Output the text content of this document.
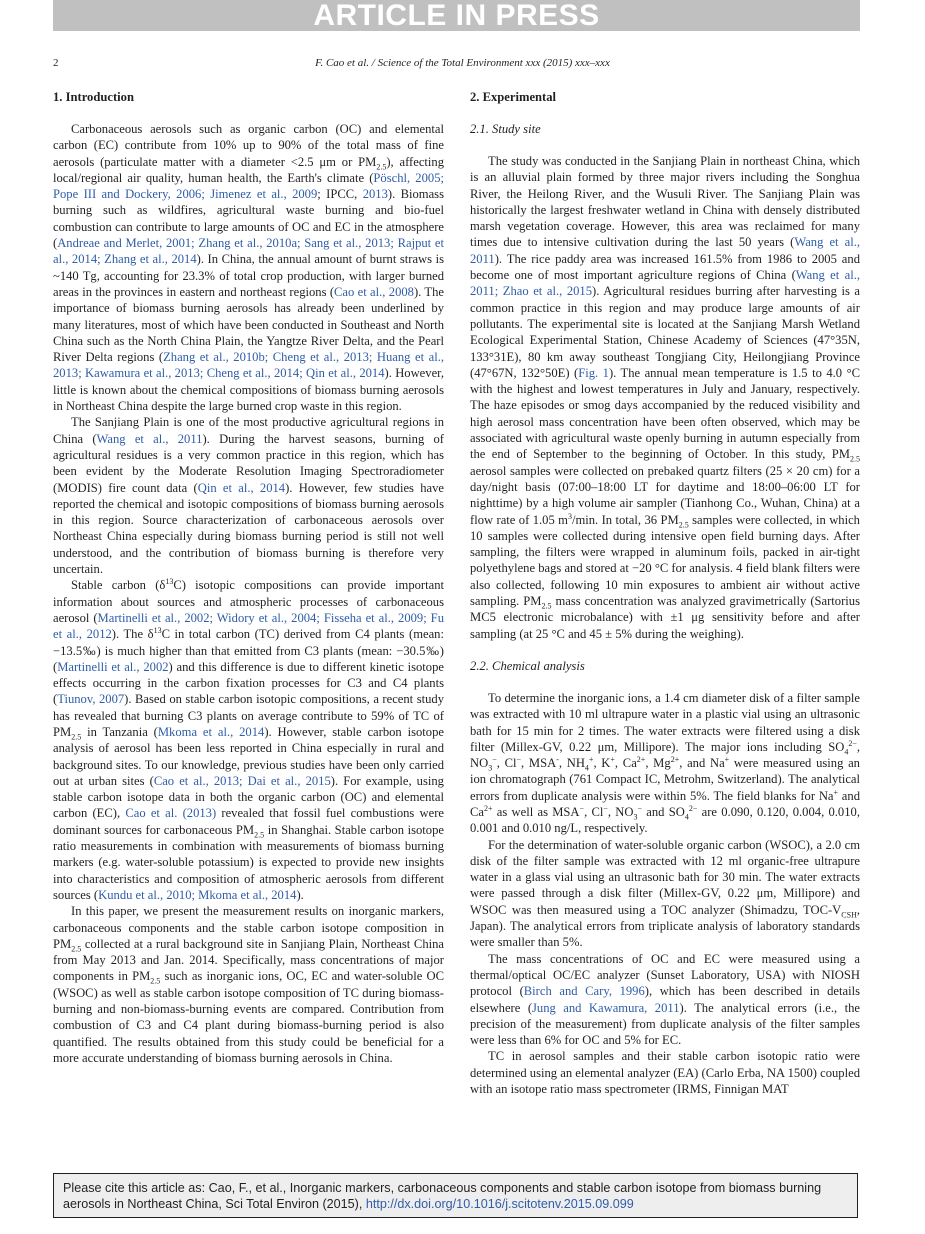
ARTICLE IN PRESS
2	F. Cao et al. / Science of the Total Environment xxx (2015) xxx–xxx
1. Introduction

Carbonaceous aerosols such as organic carbon (OC) and elemental carbon (EC) contribute from 10% up to 90% of the total mass of fine aerosols (particulate matter with a diameter <2.5 μm or $PM_{2.5}$), affecting local/regional air quality, human health, the Earth's climate (Pöschl, 2005; Pope III and Dockery, 2006; Jimenez et al., 2009; IPCC, 2013). Biomass burning such as wildfires, agricultural waste burning and bio-fuel combustion can contribute to large amounts of OC and EC in the atmosphere (Andreae and Merlet, 2001; Zhang et al., 2010a; Sang et al., 2013; Rajput et al., 2014; Zhang et al., 2014). In China, the annual amount of burnt straws is ~140 Tg, accounting for 23.3% of total crop production, with larger burned areas in the provinces in eastern and northeast regions (Cao et al., 2008). The importance of biomass burning aerosols has already been underlined by many literatures, most of which have been conducted in Southeast and North China such as the North China Plain, the Yangtze River Delta, and the Pearl River Delta regions (Zhang et al., 2010b; Cheng et al., 2013; Huang et al., 2013; Kawamura et al., 2013; Cheng et al., 2014; Qin et al., 2014). However, little is known about the chemical compositions of biomass burning aerosols in Northeast China despite the large burned crop waste in this region.

The Sanjiang Plain is one of the most productive agricultural regions in China (Wang et al., 2011). During the harvest seasons, burning of agricultural residues is a very common practice in this region, which has been evident by the Moderate Resolution Imaging Spectroradiometer (MODIS) fire count data (Qin et al., 2014). However, few studies have reported the chemical and isotopic compositions of biomass burning aerosols in this region. Source characterization of carbonaceous aerosols over Northeast China especially during biomass burning period is still not well understood, and the contribution of biomass burning is therefore very uncertain.

Stable carbon $(\delta^{13}C)$ isotopic compositions can provide important information about sources and atmospheric processes of carbonaceous aerosol (Martinelli et al., 2002; Widory et al., 2004; Fisseha et al., 2009; Fu et al., 2012). The $\delta^{13}C$ in total carbon (TC) derived from C4 plants (mean: −13.5‰) is much higher than that emitted from C3 plants (mean: −30.5‰) (Martinelli et al., 2002) and this difference is due to different kinetic isotope effects occurring in the carbon fixation processes for C3 and C4 plants (Tiunov, 2007). Based on stable carbon isotopic compositions, a recent study has revealed that burning C3 plants on average contribute to 59% of TC of $PM_{2.5}$ in Tanzania (Mkoma et al., 2014). However, stable carbon isotope analysis of aerosol has been less reported in China especially in rural and background sites. To our knowledge, previous studies have been only carried out at urban sites (Cao et al., 2013; Dai et al., 2015). For example, using stable carbon isotope data in both the organic carbon (OC) and elemental carbon (EC), Cao et al. (2013) revealed that fossil fuel combustions were dominant sources for carbonaceous $PM_{2.5}$ in Shanghai. Stable carbon isotope ratio measurements in combination with measurements of biomass burning markers (e.g. water-soluble potassium) is expected to provide new insights into characteristics and composition of atmospheric aerosols from different sources (Kundu et al., 2010; Mkoma et al., 2014).

In this paper, we present the measurement results on inorganic markers, carbonaceous components and the stable carbon isotope composition in $PM_{2.5}$ collected at a rural background site in Sanjiang Plain, Northeast China from May 2013 and Jan. 2014. Specifically, mass concentrations of major components in $PM_{2.5}$ such as inorganic ions, OC, EC and water-soluble OC (WSOC) as well as stable carbon isotope composition of TC during biomass-burning and non-biomass-burning events are compared. Contribution from combustion of C3 and C4 plant during biomass-burning period is also quantified. The results obtained from this study could be beneficial for a more accurate understanding of biomass burning aerosols in China.

2. Experimental
2.1. Study site

The study was conducted in the Sanjiang Plain in northeast China, which is an alluvial plain formed by three major rivers including the Songhua River, the Heilong River, and the Wusuli River. The Sanjiang Plain was historically the largest freshwater wetland in China with densely distributed marsh vegetation coverage. However, this area was reclaimed for many times due to intensive cultivation during the last 50 years (Wang et al., 2011). The rice paddy area was increased 161.5% from 1986 to 2005 and become one of most important agriculture regions of China (Wang et al., 2011; Zhao et al., 2015). Agricultural residues burring after harvesting is a common practice in this region and may produce large amounts of air pollutants. The experimental site is located at the Sanjiang Marsh Wetland Ecological Experimental Station, Chinese Academy of Sciences (47°35N, 133°31E), 80 km away southeast Tongjiang City, Heilongjiang Province (47°67N, 132°50E) (Fig. 1). The annual mean temperature is 1.5 to 4.0 °C with the highest and lowest temperatures in July and January, respectively. The haze episodes or smog days accompanied by the reduced visibility and high aerosol mass concentration have been often observed, which may be associated with agricultural waste openly burning in autumn especially from the end of September to the beginning of October. In this study, $PM_{2.5}$ aerosol samples were collected on prebaked quartz filters (25 × 20 cm) for a day/night basis (07:00–18:00 LT for daytime and 18:00–06:00 LT for nighttime) by a high volume air sampler (Tianhong Co., Wuhan, China) at a flow rate of 1.05 $m^3/\min$. In total, 36 $PM_{2.5}$ samples were collected, in which 10 samples were collected during intensive open field burning days. After sampling, the filters were wrapped in aluminum foils, packed in air-tight polyethylene bags and stored at −20 °C for analysis. 4 field blank filters were also collected, following 10 min exposures to ambient air without active sampling. $PM_{2.5}$ mass concentration was analyzed gravimetrically (Sartorius MC5 electronic microbalance) with ±1 μg sensitivity before and after sampling (at 25 °C and 45 ± 5% during the weighing).

2.2. Chemical analysis

To determine the inorganic ions, a 1.4 cm diameter disk of a filter sample was extracted with 10 ml ultrapure water in a plastic vial using an ultrasonic bath for 15 min for 2 times. The water extracts were filtered using a disk filter (Millex-GV, 0.22 μm, Millipore). The major ions including $SO_4^{2-}$, $NO_3^-$, Cl−, MSA-, $NH_4^+$, K+, $Ca^{2+}$, $Mg^{2+}$, and Na+ were measured using an ion chromatograph (761 Compact IC, Metrohm, Switzerland). The analytical errors from duplicate analysis were within 5%. The field blanks for Na+ and $Ca^{2+}$ as well as MSA−, Cl−, $NO_3^-$ and $SO_4^{2-}$ are 0.090, 0.120, 0.004, 0.010, 0.001 and 0.010 ng/L, respectively.

For the determination of water-soluble organic carbon (WSOC), a 2.0 cm disk of the filter sample was extracted with 12 ml organic-free ultrapure water in a glass vial using an ultrasonic bath for 30 min. The water extracts were passed through a disk filter (Millex-GV, 0.22 μm, Millipore) and WSOC was then measured using a TOC analyzer (Shimadzu, TOC-$V_{CSH}$, Japan). The analytical errors from triplicate analysis of laboratory standards were smaller than 5%.

The mass concentrations of OC and EC were measured using a thermal/optical OC/EC analyzer (Sunset Laboratory, USA) with NIOSH protocol (Birch and Cary, 1996), which has been described in details elsewhere (Jung and Kawamura, 2011). The analytical errors (i.e., the precision of the measurement) from duplicate analysis of the filter samples were less than 6% for OC and 5% for EC.

TC in aerosol samples and their stable carbon isotopic ratio were determined using an elemental analyzer (EA) (Carlo Erba, NA 1500) coupled with an isotope ratio mass spectrometer (IRMS, Finnigan MAT

Please cite this article as: Cao, F., et al., Inorganic markers, carbonaceous components and stable carbon isotope from biomass burning aerosols in Northeast China, Sci Total Environ (2015), http://dx.doi.org/10.1016/j.scitotenv.2015.09.099
